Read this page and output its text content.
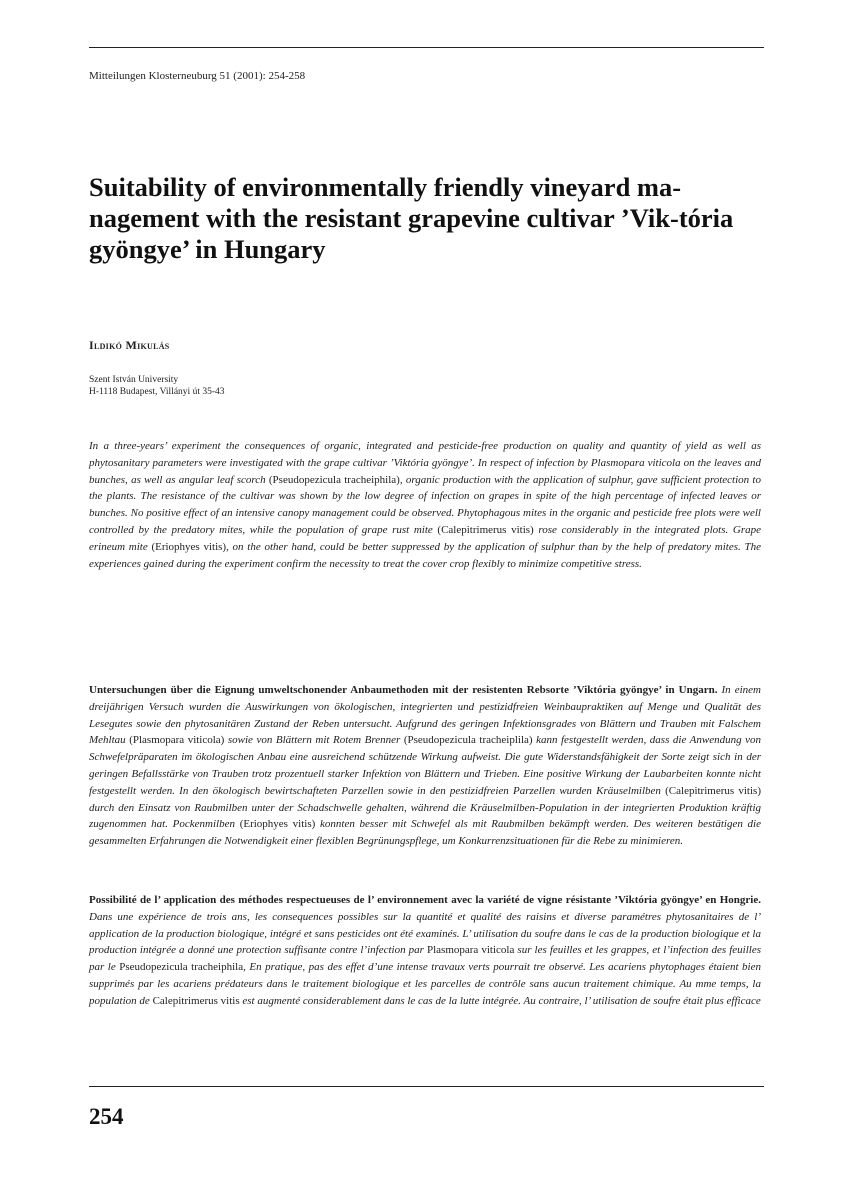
Mitteilungen Klosterneuburg 51 (2001): 254-258
Suitability of environmentally friendly vineyard ma-nagement with the resistant grapevine cultivar ’Vik-tória gyöngye’ in Hungary
Ildikó Mikulás
Szent István University
H-1118 Budapest, Villányi út 35-43

In a three-years’ experiment the consequences of organic, integrated and pesticide-free production on quality and quantity of yield as well as phytosanitary parameters were investigated with the grape cultivar ’Viktória gyöngye’. In respect of infection by Plasmopara viticola on the leaves and bunches, as well as angular leaf scorch (Pseudopezicula tracheiphila), organic production with the application of sulphur, gave sufficient protection to the plants. The resistance of the cultivar was shown by the low degree of infection on grapes in spite of the high percentage of infected leaves or bunches. No positive effect of an intensive canopy management could be observed. Phytophagous mites in the organic and pesticide free plots were well controlled by the predatory mites, while the population of grape rust mite (Calepitrimerus vitis) rose considerably in the integrated plots. Grape erineum mite (Eriophyes vitis), on the other hand, could be better suppressed by the application of sulphur than by the help of predatory mites. The experiences gained during the experiment confirm the necessity to treat the cover crop flexibly to minimize competitive stress.

Untersuchungen über die Eignung umweltschonender Anbaumethoden mit der resistenten Rebsorte ’Viktória gyöngye’ in Ungarn. In einem dreijährigen Versuch wurden die Auswirkungen von ökologischen, integrierten und pestizidfreien Weinbaupraktiken auf Menge und Qualität des Lesegutes sowie den phytosanitären Zustand der Reben untersucht. Aufgrund des geringen Infektionsgrades von Blättern und Trauben mit Falschem Mehltau (Plasmopara viticola) sowie von Blättern mit Rotem Brenner (Pseudopezicula tracheiplila) kann festgestellt werden, dass die Anwendung von Schwefelpräparaten im ökologischen Anbau eine ausreichend schützende Wirkung aufweist. Die gute Widerstandsfähigkeit der Sorte zeigt sich in der geringen Befallsstärke von Trauben trotz prozentuell starker Infektion von Blättern und Trieben. Eine positive Wirkung der Laubarbeiten konnte nicht festgestellt werden. In den ökologisch bewirtschafteten Parzellen sowie in den pestizidfreien Parzellen wurden Kräuselmilben (Calepitrimerus vitis) durch den Einsatz von Raubmilben unter der Schadschwelle gehalten, während die Kräuselmilben-Population in der integrierten Produktion kräftig zugenommen hat. Pockenmilben (Eriophyes vitis) konnten besser mit Schwefel als mit Raubmilben bekämpft werden. Des weiteren bestätigen die gesammelten Erfahrungen die Notwendigkeit einer flexiblen Begrünungspflege, um Konkurrenzsituationen für die Rebe zu minimieren.

Possibilité de l’ application des méthodes respectueuses de l’ environnement avec la variété de vigne résistante ’Viktória gyöngye’ en Hongrie. Dans une expérience de trois ans, les consequences possibles sur la quantité et qualité des raisins et diverse paramétres phytosanitaires de l’ application de la production biologique, intégré et sans pesticides ont été examinés. L’ utilisation du soufre dans le cas de la production biologique et la production intégrée a donné une protection suffisante contre l’infection par Plasmopara viticola sur les feuilles et les grappes, et l’infection des feuilles par le Pseudopezicula tracheiphila, En pratique, pas des effet d’une intense travaux verts pourrait tre observé. Les acariens phytophages étaient bien supprimés par les acariens prédateurs dans le traitement biologique et les parcelles de contrôle sans aucun traitement chimique. Au mme temps, la population de Calepitrimerus vitis est augmenté considerablement dans le cas de la lutte intégrée. Au contraire, l’ utilisation de soufre était plus efficace

254
